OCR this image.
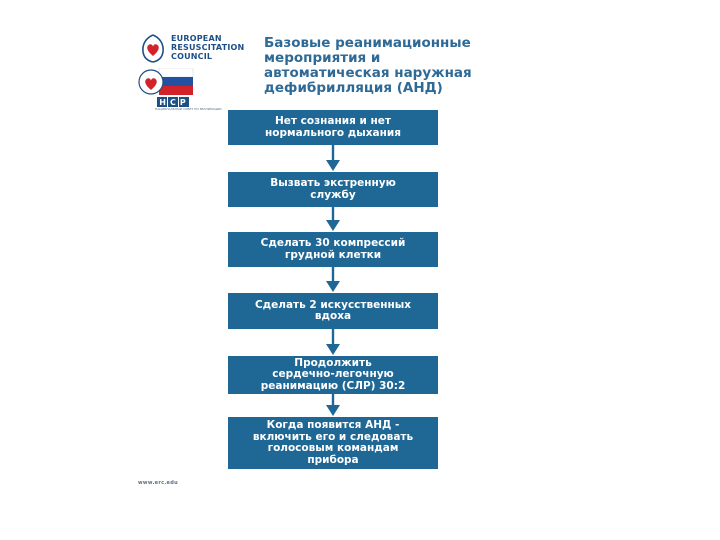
EUROPEAN
RESUSCITATION
COUNCIL
НСР
НАЦИОНАЛЬНЫЙ СОВЕТ ПО РЕАНИМАЦИИ
Базовые реанимационные
мероприятия и
автоматическая наружная
дефибрилляция (АНД)
Нет сознания и нет
нормального дыхания
Вызвать экстренную
службу
Сделать 30 компрессий
грудной клетки
Сделать 2 искусственных
вдоха
Продолжить
сердечно-легочную
реанимацию (СЛР) 30:2
Когда появится АНД -
включить его и следовать
голосовым командам
прибора
www.erc.edu
